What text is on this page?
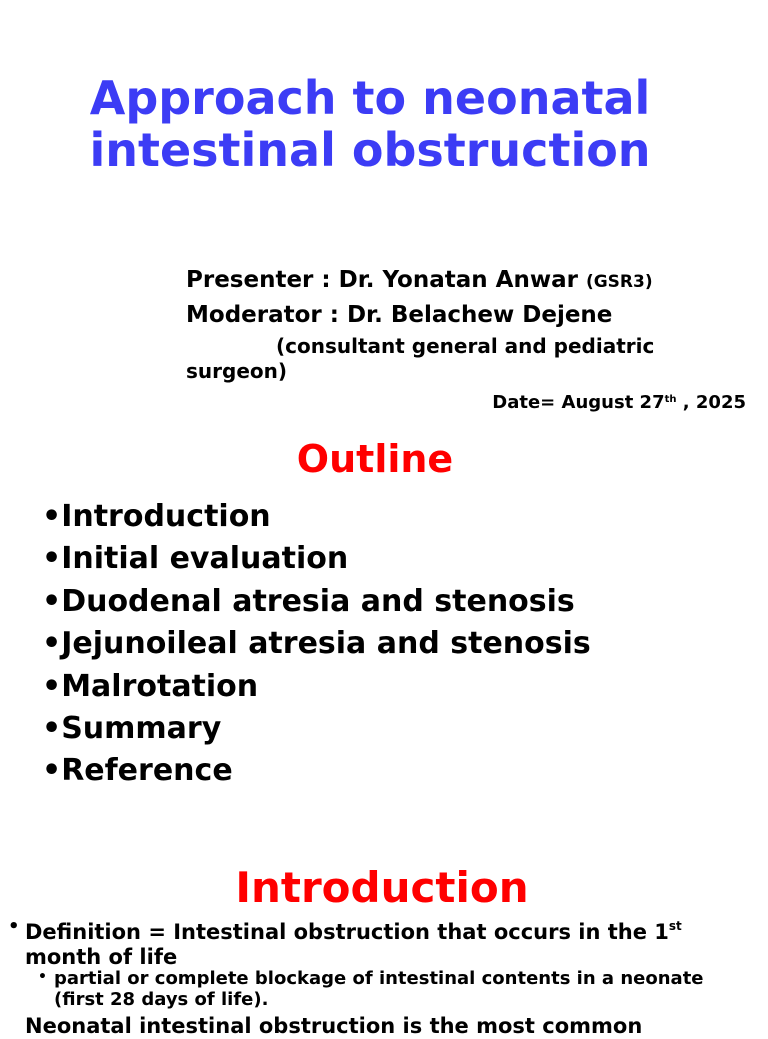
Approach to neonatal
intestinal obstruction
Presenter : Dr. Yonatan Anwar (GSR3)
Moderator : Dr. Belachew Dejene
(consultant general and pediatric surgeon)
Date= August 27th , 2025
Outline
•Introduction
•Initial evaluation
•Duodenal atresia and stenosis
•Jejunoileal atresia and stenosis
•Malrotation
•Summary
•Reference
Introduction
• Definition = Intestinal obstruction that occurs in the 1st month of life
• partial or complete blockage of intestinal contents in a neonate (first 28 days of life).
Neonatal intestinal obstruction is the most common
